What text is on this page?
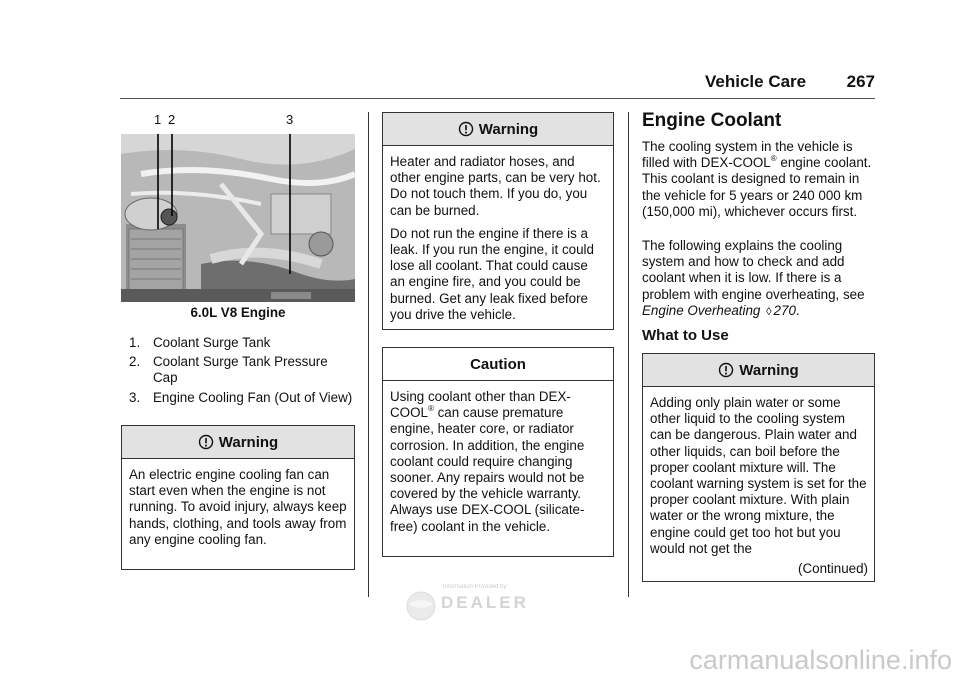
Vehicle Care 267
1 2	3
6.0L V8 Engine
1. Coolant Surge Tank
2. Coolant Surge Tank Pressure Cap
3. Engine Cooling Fan (Out of View)
Warning

An electric engine cooling fan can start even when the engine is not running. To avoid injury, always keep hands, clothing, and tools away from any engine cooling fan.

Warning

Heater and radiator hoses, and other engine parts, can be very hot. Do not touch them. If you do, you can be burned.

Do not run the engine if there is a leak. If you run the engine, it could lose all coolant. That could cause an engine fire, and you could be burned. Get any leak fixed before you drive the vehicle.

Caution

Using coolant other than DEX-COOL® can cause premature engine, heater core, or radiator corrosion. In addition, the engine coolant could require changing sooner. Any repairs would not be covered by the vehicle warranty. Always use DEX-COOL (silicate-free) coolant in the vehicle.

Engine Coolant

The cooling system in the vehicle is filled with DEX-COOL® engine coolant. This coolant is designed to remain in the vehicle for 5 years or 240 000 km (150,000 mi), whichever occurs first.

The following explains the cooling system and how to check and add coolant when it is low. If there is a problem with engine overheating, see Engine Overheating ◊ 270.

What to Use
Warning

Adding only plain water or some other liquid to the cooling system can be dangerous. Plain water and other liquids, can boil before the proper coolant mixture will. The coolant warning system is set for the proper coolant mixture. With plain water or the wrong mixture, the engine could get too hot but you would not get the

(Continued)
Information Provided by:
DEALER
carmanualsonline.info
